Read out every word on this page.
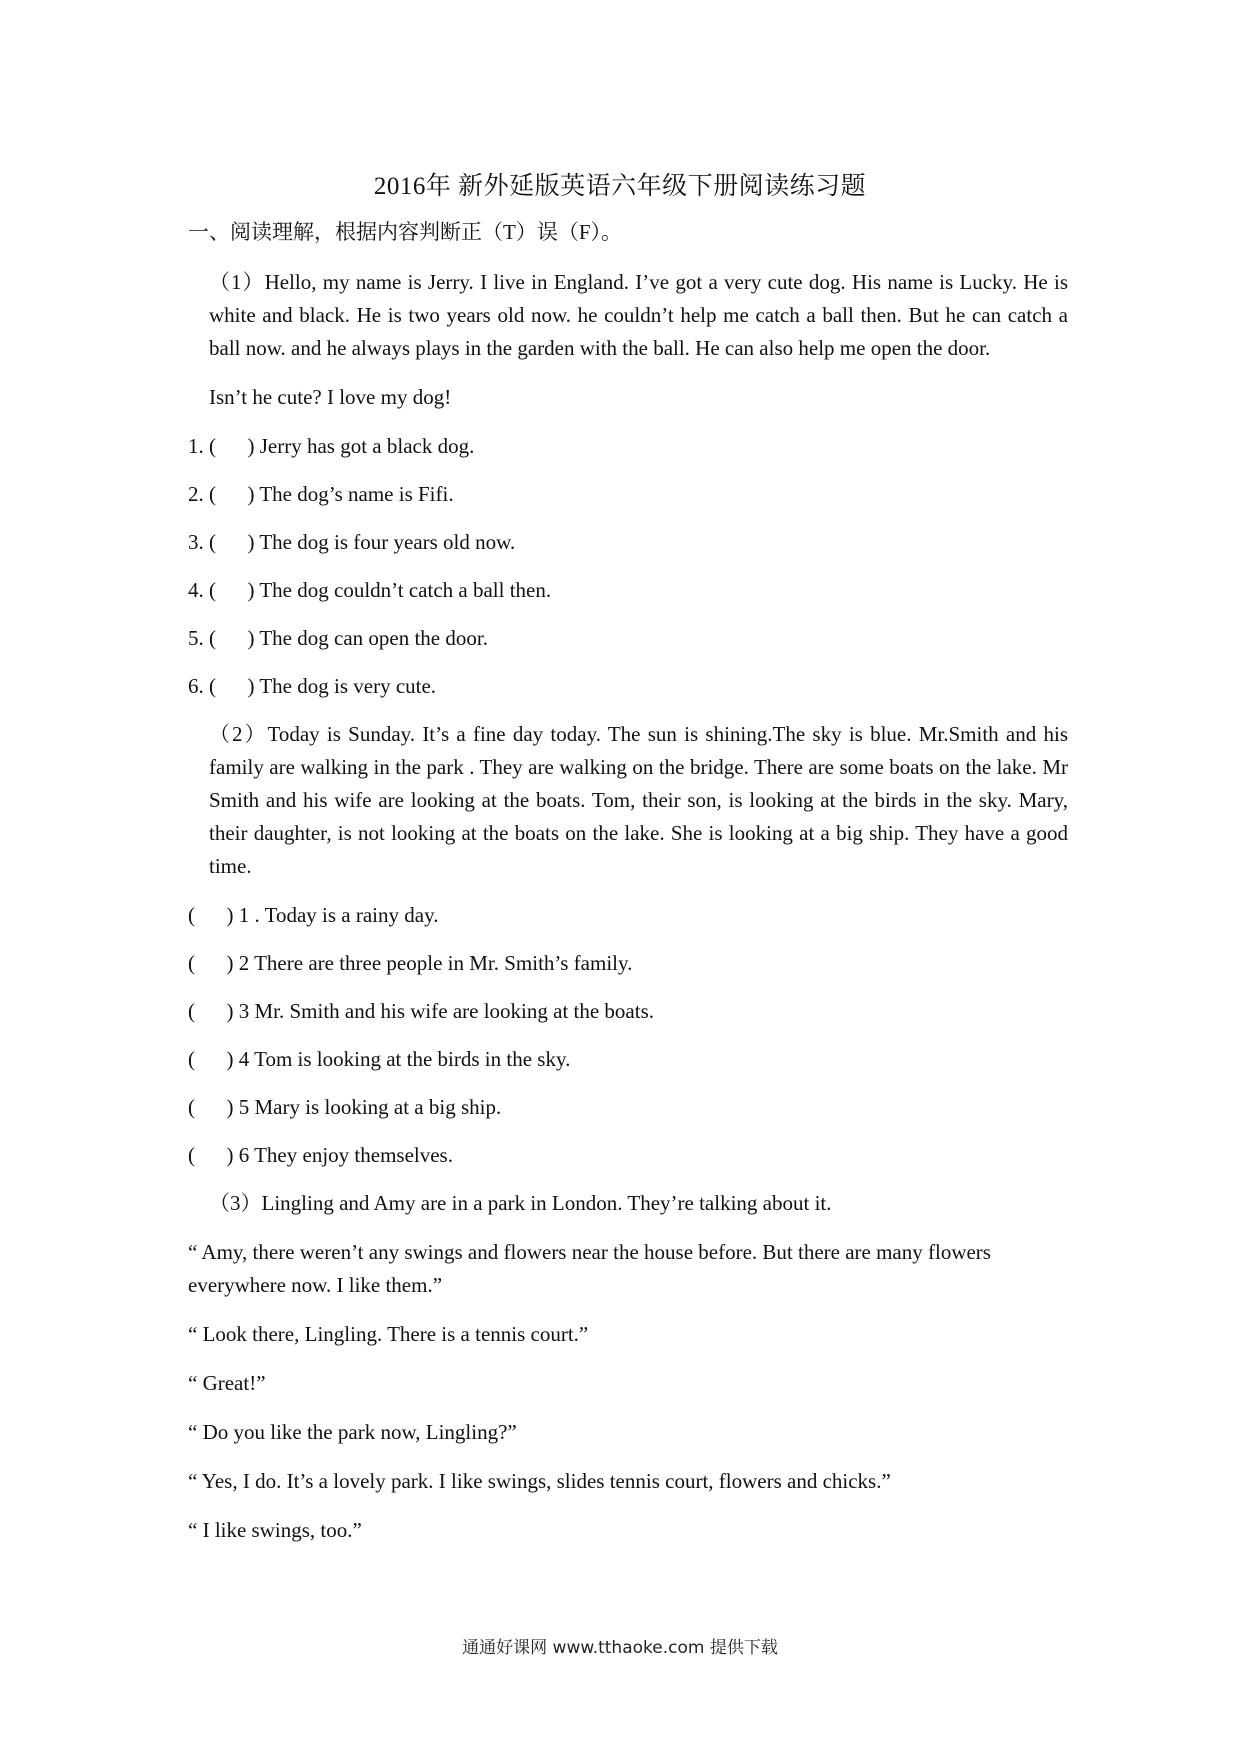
2016年 新外延版英语六年级下册阅读练习题
一、阅读理解，根据内容判断正（T）误（F）。
（1）Hello, my name is Jerry. I live in England. I’ve got a very cute dog. His name is Lucky. He is white and black. He is two years old now. he couldn’t help me catch a ball then. But he can catch a ball now. and he always plays in the garden with the ball. He can also help me open the door.
Isn’t he cute? I love my dog!
1. (      ) Jerry has got a black dog.
2. (      ) The dog’s name is Fifi.
3. (      ) The dog is four years old now.
4. (      ) The dog couldn’t catch a ball then.
5. (      ) The dog can open the door.
6. (      ) The dog is very cute.
（2）Today is Sunday. It’s a fine day today. The sun is shining.The sky is blue. Mr.Smith and his family are walking in the park . They are walking on the bridge. There are some boats on the lake. Mr Smith and his wife are looking at the boats. Tom, their son, is looking at the birds in the sky. Mary, their daughter, is not looking at the boats on the lake. She is looking at a big ship. They have a good time.
(      ) 1 . Today is a rainy day.
(      ) 2 There are three people in Mr. Smith’s family.
(      ) 3 Mr. Smith and his wife are looking at the boats.
(      ) 4 Tom is looking at the birds in the sky.
(      ) 5 Mary is looking at a big ship.
(      ) 6 They enjoy themselves.
（3）Lingling and Amy are in a park in London. They’re talking about it.
“ Amy, there weren’t any swings and flowers near the house before. But there are many flowers everywhere now. I like them.”
“ Look there, Lingling. There is a tennis court.”
“ Great!”
“ Do you like the park now, Lingling?”
“ Yes, I do. It’s a lovely park. I like swings, slides tennis court, flowers and chicks.”
“ I like swings, too.”
通通好课网 www.tthaoke.com 提供下载
